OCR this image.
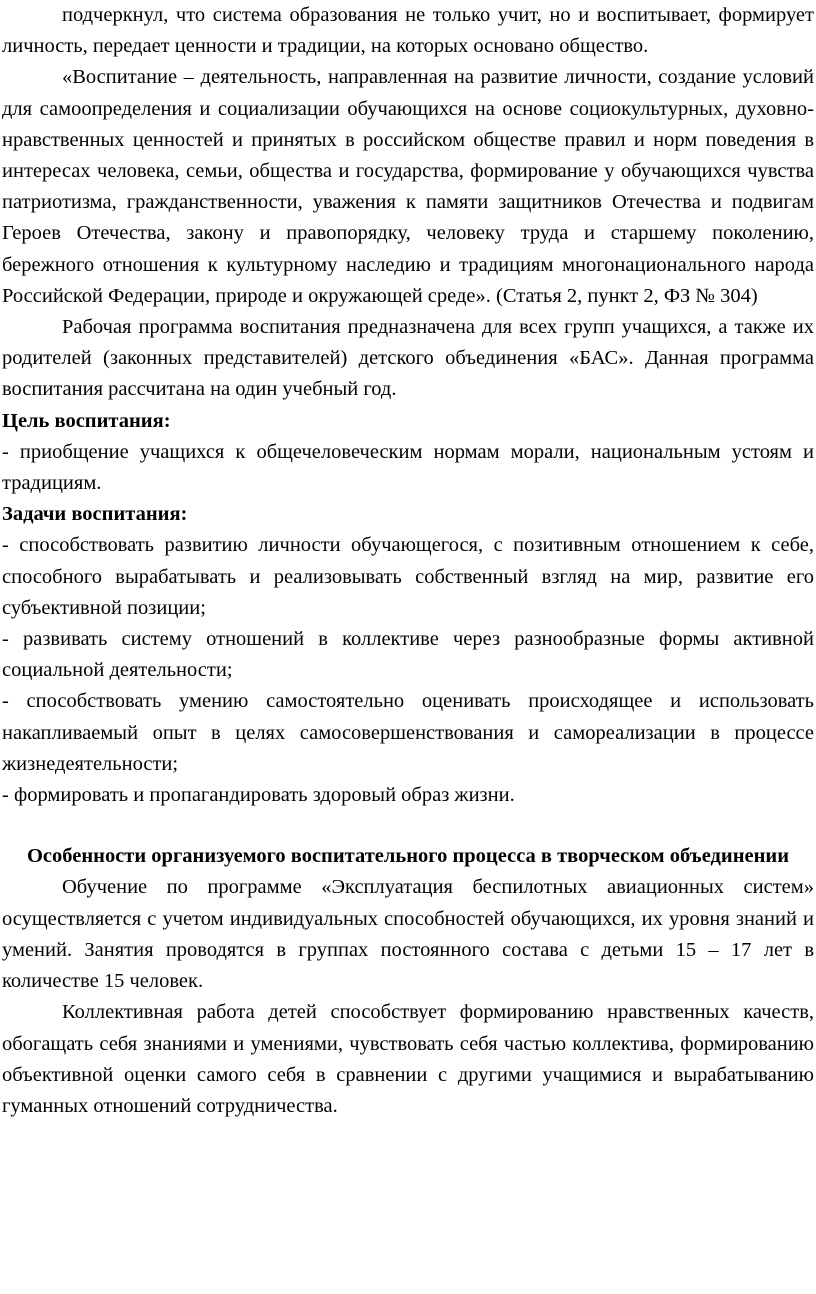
подчеркнул, что система образования не только учит, но и воспитывает, формирует личность, передает ценности и традиции, на которых основано общество.

«Воспитание – деятельность, направленная на развитие личности, создание условий для самоопределения и социализации обучающихся на основе социокультурных, духовно-нравственных ценностей и принятых в российском обществе правил и норм поведения в интересах человека, семьи, общества и государства, формирование у обучающихся чувства патриотизма, гражданственности, уважения к памяти защитников Отечества и подвигам Героев Отечества, закону и правопорядку, человеку труда и старшему поколению, бережного отношения к культурному наследию и традициям многонационального народа Российской Федерации, природе и окружающей среде». (Статья 2, пункт 2, ФЗ № 304)

Рабочая программа воспитания предназначена для всех групп учащихся, а также их родителей (законных представителей) детского объединения «БАС». Данная программа воспитания рассчитана на один учебный год.

Цель воспитания:

- приобщение учащихся к общечеловеческим нормам морали, национальным устоям и традициям.

Задачи воспитания:

- способствовать развитию личности обучающегося, с позитивным отношением к себе, способного вырабатывать и реализовывать собственный взгляд на мир, развитие его субъективной позиции;

- развивать систему отношений в коллективе через разнообразные формы активной социальной деятельности;

- способствовать умению самостоятельно оценивать происходящее и использовать накапливаемый опыт в целях самосовершенствования и самореализации в процессе жизнедеятельности;

- формировать и пропагандировать здоровый образ жизни.

Особенности организуемого воспитательного процесса в творческом объединении

Обучение по программе «Эксплуатация беспилотных авиационных систем» осуществляется с учетом индивидуальных способностей обучающихся, их уровня знаний и умений. Занятия проводятся в группах постоянного состава с детьми 15 – 17 лет в количестве 15 человек.

Коллективная работа детей способствует формированию нравственных качеств, обогащать себя знаниями и умениями, чувствовать себя частью коллектива, формированию объективной оценки самого себя в сравнении с другими учащимися и вырабатыванию гуманных отношений сотрудничества.
